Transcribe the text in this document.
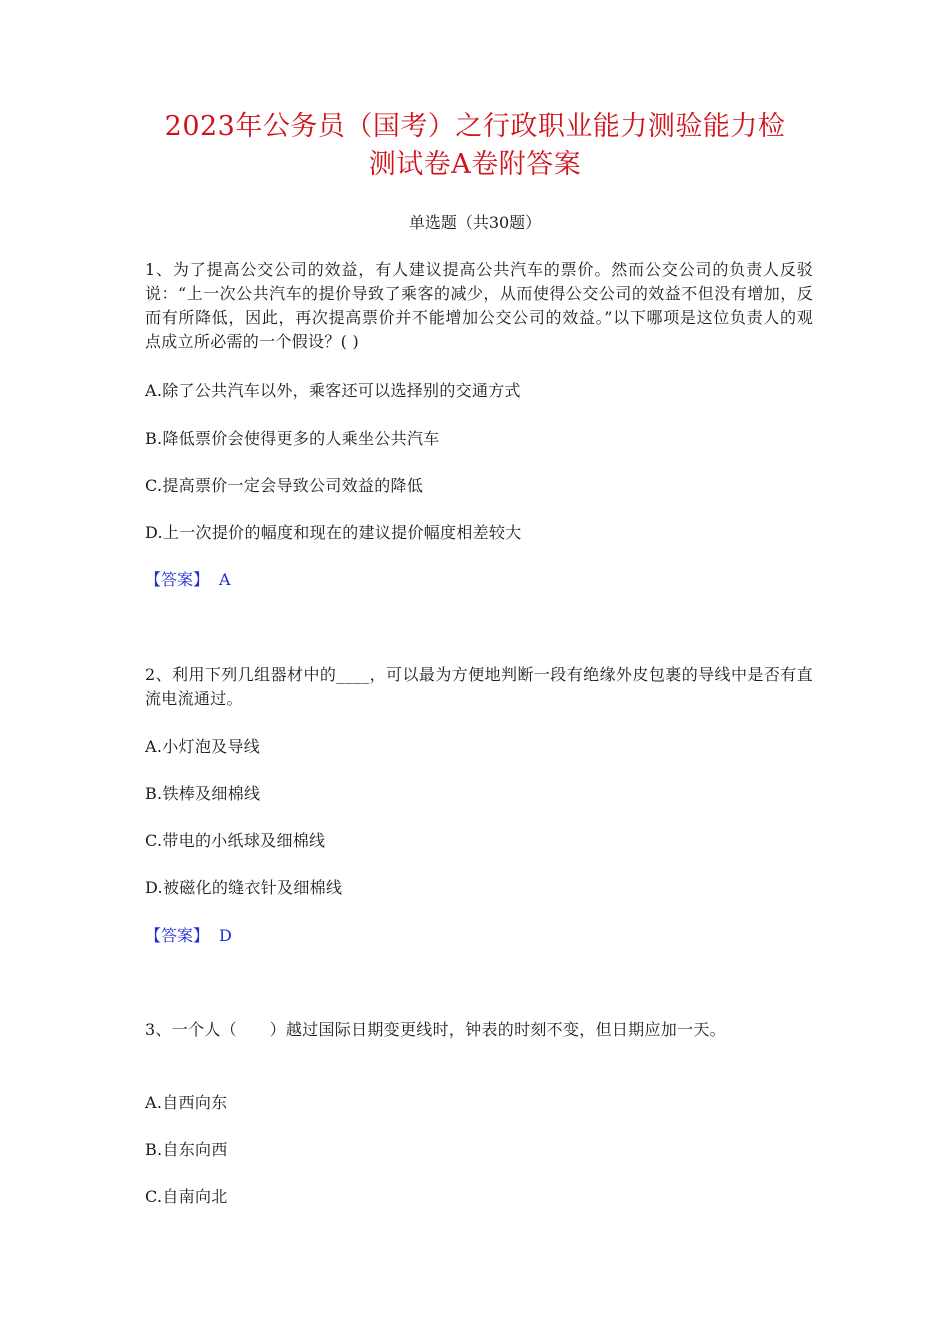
2023年公务员（国考）之行政职业能力测验能力检
测试卷A卷附答案
单选题（共30题）

1、为了提高公交公司的效益，有人建议提高公共汽车的票价。然而公交公司的负责人反驳说：“上一次公共汽车的提价导致了乘客的减少，从而使得公交公司的效益不但没有增加，反而有所降低，因此，再次提高票价并不能增加公交公司的效益。”以下哪项是这位负责人的观点成立所必需的一个假设？( )

A.除了公共汽车以外，乘客还可以选择别的交通方式
B.降低票价会使得更多的人乘坐公共汽车
C.提高票价一定会导致公司效益的降低
D.上一次提价的幅度和现在的建议提价幅度相差较大
【答案】 A

2、利用下列几组器材中的____，可以最为方便地判断一段有绝缘外皮包裹的导线中是否有直流电流通过。

A.小灯泡及导线
B.铁棒及细棉线
C.带电的小纸球及细棉线
D.被磁化的缝衣针及细棉线
【答案】 D

3、一个人（　　）越过国际日期变更线时，钟表的时刻不变，但日期应加一天。

A.自西向东
B.自东向西
C.自南向北
